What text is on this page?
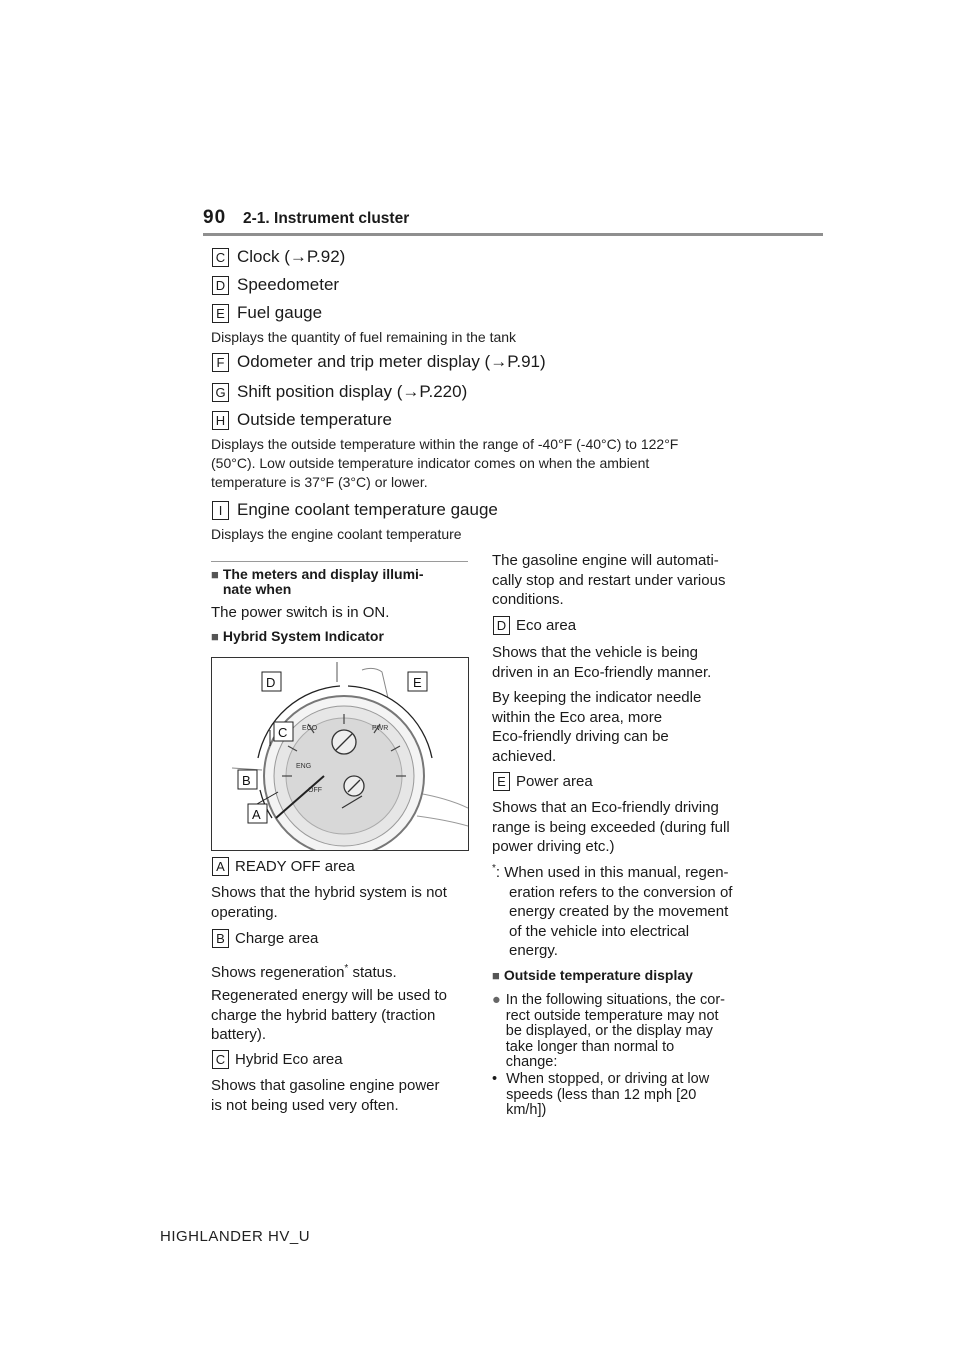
90 2-1. Instrument cluster
C Clock (→P.92)
D Speedometer
E Fuel gauge
Displays the quantity of fuel remaining in the tank
F Odometer and trip meter display (→P.91)
G Shift position display (→P.220)
H Outside temperature
Displays the outside temperature within the range of -40°F (-40°C) to 122°F
(50°C). Low outside temperature indicator comes on when the ambient
temperature is 37°F (3°C) or lower.
I Engine coolant temperature gauge
Displays the engine coolant temperature
■ The meters and display illumi-
nate when
The power switch is in ON.
■ Hybrid System Indicator
ECO	PWR
ENG
OFF
D	E
C
B
A
A READY OFF area
Shows that the hybrid system is not
operating.
B Charge area
Shows regeneration* status.
Regenerated energy will be used to
charge the hybrid battery (traction
battery).
C Hybrid Eco area
Shows that gasoline engine power
is not being used very often.
The gasoline engine will automati-
cally stop and restart under various
conditions.
D Eco area
Shows that the vehicle is being
driven in an Eco-friendly manner.
By keeping the indicator needle
within the Eco area, more
Eco-friendly driving can be
achieved.
E Power area
Shows that an Eco-friendly driving
range is being exceeded (during full
power driving etc.)
*: When used in this manual, regen-
eration refers to the conversion of
energy created by the movement
of the vehicle into electrical
energy.
■ Outside temperature display
● In the following situations, the cor-
rect outside temperature may not
be displayed, or the display may
take longer than normal to
change:
• When stopped, or driving at low
speeds (less than 12 mph [20
km/h])
HIGHLANDER HV_U
